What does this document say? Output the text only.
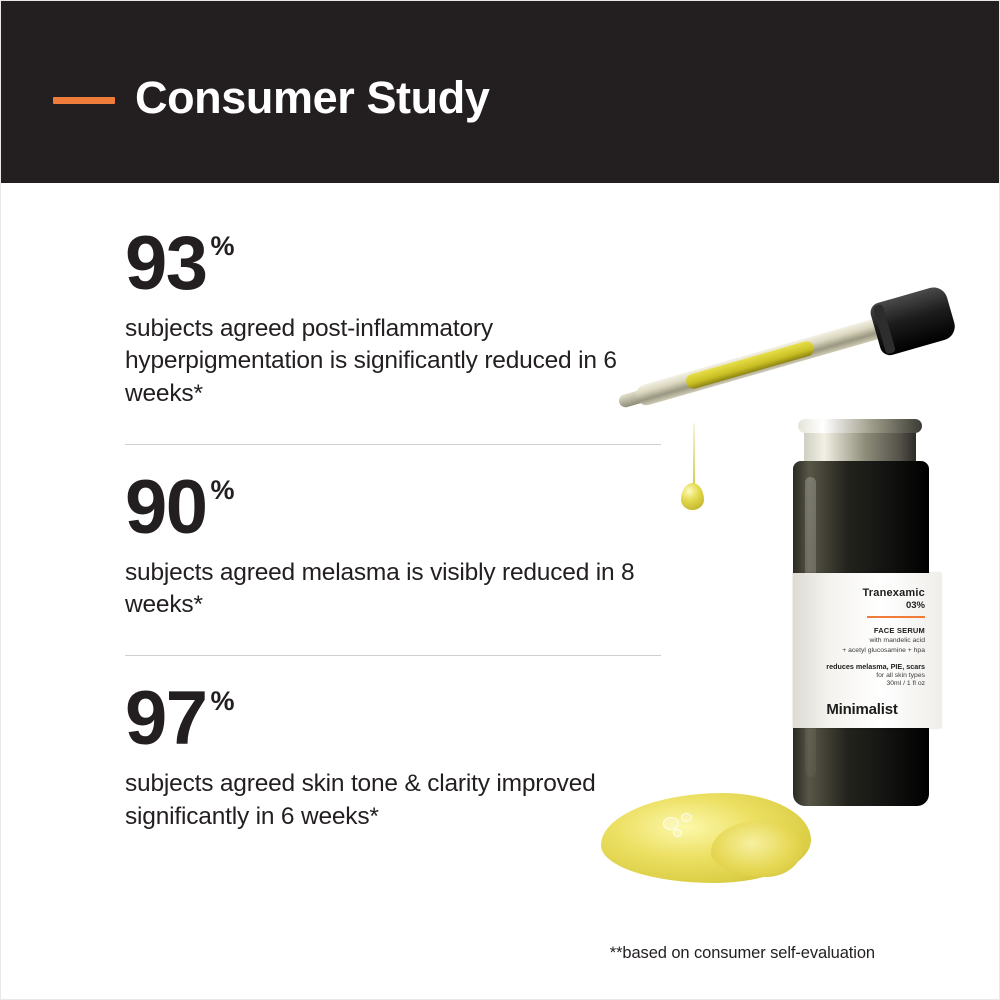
Consumer Study
93 %
subjects agreed post-inflammatory hyperpigmentation is significantly reduced in 6 weeks*
90 %
subjects agreed melasma is visibly reduced in 8 weeks*
97 %
subjects agreed skin tone & clarity improved significantly in 6 weeks*
**based on consumer self-evaluation
Tranexamic
03%
FACE SERUM
with mandelic acid
+ acetyl glucosamine + hpa
reduces melasma, PIE, scars
for all skin types
30ml / 1 fl oz
Minimalist
